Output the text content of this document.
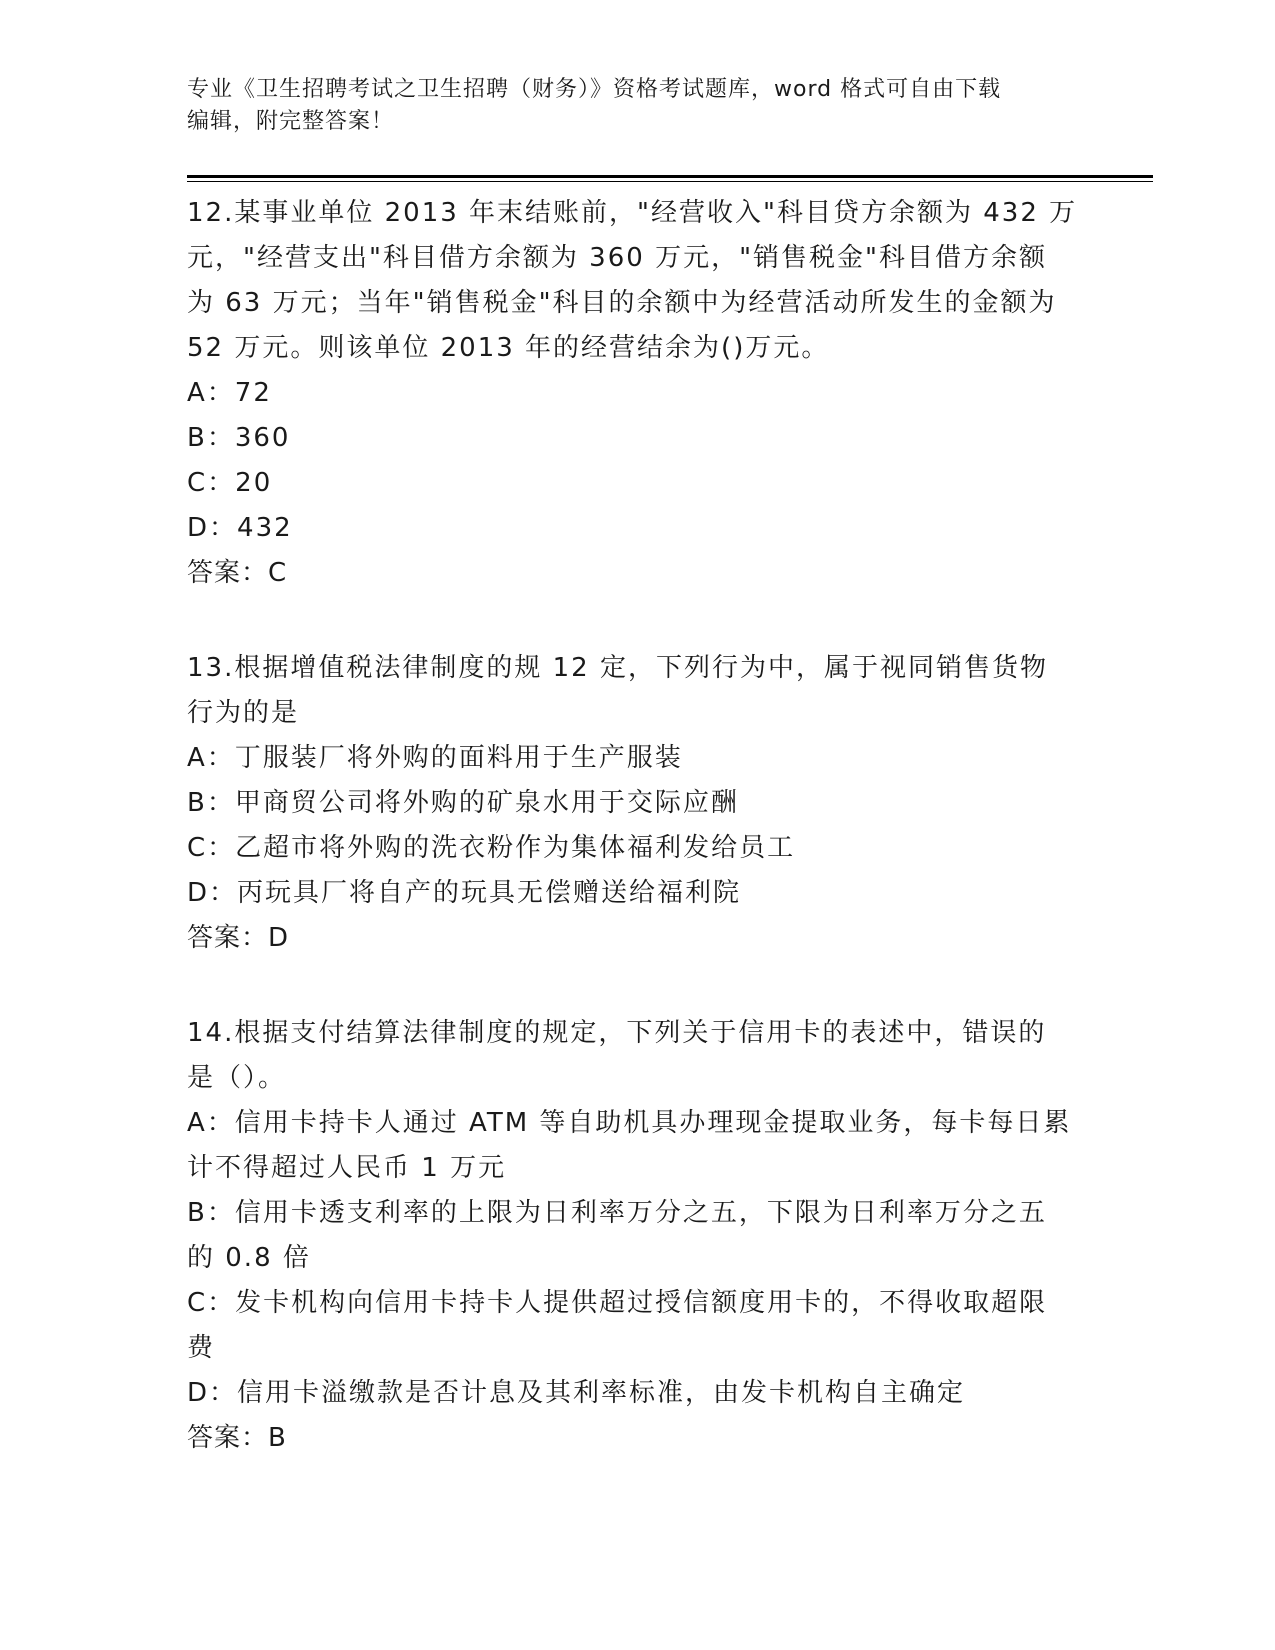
专业《卫生招聘考试之卫生招聘（财务）》资格考试题库，word 格式可自由下载
编辑，附完整答案！
12.某事业单位 2013 年末结账前，"经营收入"科目贷方余额为 432 万
元，"经营支出"科目借方余额为 360 万元，"销售税金"科目借方余额
为 63 万元；当年"销售税金"科目的余额中为经营活动所发生的金额为
52 万元。则该单位 2013 年的经营结余为()万元。
A：72
B：360
C：20
D：432
答案：C
13.根据增值税法律制度的规 12 定，下列行为中，属于视同销售货物
行为的是
A：丁服装厂将外购的面料用于生产服装
B：甲商贸公司将外购的矿泉水用于交际应酬
C：乙超市将外购的洗衣粉作为集体福利发给员工
D：丙玩具厂将自产的玩具无偿赠送给福利院
答案：D
14.根据支付结算法律制度的规定，下列关于信用卡的表述中，错误的
是（）。
A：信用卡持卡人通过 ATM 等自助机具办理现金提取业务，每卡每日累
计不得超过人民币 1 万元
B：信用卡透支利率的上限为日利率万分之五，下限为日利率万分之五
的 0.8 倍
C：发卡机构向信用卡持卡人提供超过授信额度用卡的，不得收取超限
费
D：信用卡溢缴款是否计息及其利率标准，由发卡机构自主确定
答案：B
